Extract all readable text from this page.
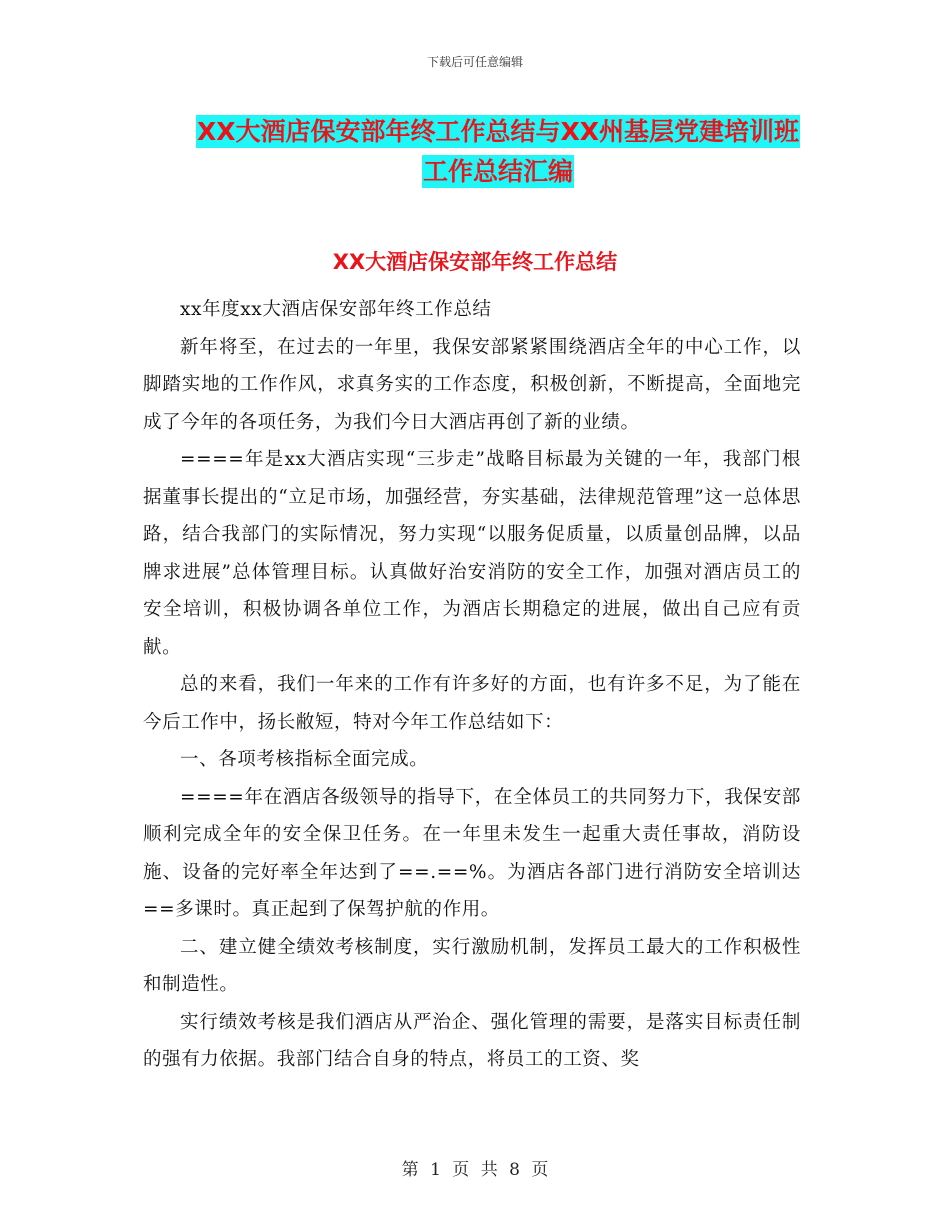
下载后可任意编辑
XX大酒店保安部年终工作总结与XX州基层党建培训班
工作总结汇编
XX大酒店保安部年终工作总结

xx年度xx大酒店保安部年终工作总结

新年将至，在过去的一年里，我保安部紧紧围绕酒店全年的中心工作，以脚踏实地的工作作风，求真务实的工作态度，积极创新，不断提高，全面地完成了今年的各项任务，为我们今日大酒店再创了新的业绩。

====年是xx大酒店实现“三步走”战略目标最为关键的一年，我部门根据董事长提出的“立足市场，加强经营，夯实基础，法律规范管理”这一总体思路，结合我部门的实际情况，努力实现“以服务促质量，以质量创品牌，以品牌求进展”总体管理目标。认真做好治安消防的安全工作，加强对酒店员工的安全培训，积极协调各单位工作，为酒店长期稳定的进展，做出自己应有贡献。

总的来看，我们一年来的工作有许多好的方面，也有许多不足，为了能在今后工作中，扬长敝短，特对今年工作总结如下：

一、各项考核指标全面完成。

====年在酒店各级领导的指导下，在全体员工的共同努力下，我保安部顺利完成全年的安全保卫任务。在一年里未发生一起重大责任事故，消防设施、设备的完好率全年达到了==.==%。为酒店各部门进行消防安全培训达==多课时。真正起到了保驾护航的作用。

二、建立健全绩效考核制度，实行激励机制，发挥员工最大的工作积极性和制造性。

实行绩效考核是我们酒店从严治企、强化管理的需要，是落实目标责任制的强有力依据。我部门结合自身的特点，将员工的工资、奖

第 1 页 共 8 页
